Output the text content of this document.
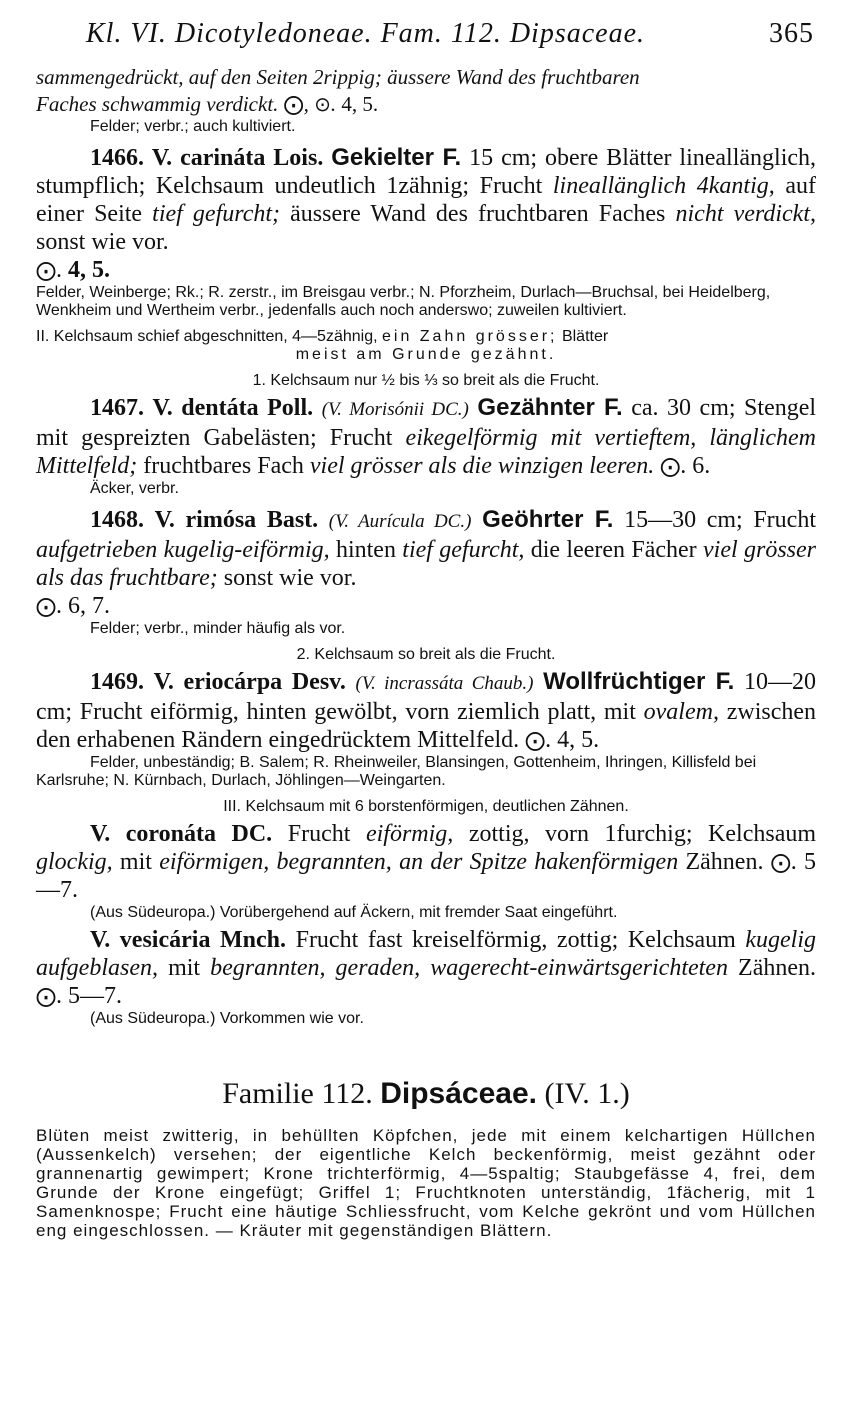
Kl. VI. Dicotyledoneae. Fam. 112. Dipsaceae.	365

sammengedrückt, auf den Seiten 2rippig; äussere Wand des fruchtbaren
Faches schwammig verdickt. ⨀, ⊙. 4, 5.

Felder; verbr.; auch kultiviert.

1466. V. carináta Lois. Gekielter F. 15 cm; obere Blätter lineallänglich, stumpflich; Kelchsaum undeutlich 1zähnig; Frucht lineallänglich 4kantig, auf einer Seite tief gefurcht; äussere Wand des fruchtbaren Faches nicht verdickt, sonst wie vor.
⨀. 4, 5.

Felder, Weinberge; Rk.; R. zerstr., im Breisgau verbr.; N. Pforzheim, Durlach—Bruchsal, bei Heidelberg, Wenkheim und Wertheim verbr., jedenfalls auch noch anderswo; zuweilen kultiviert.

II. Kelchsaum schief abgeschnitten, 4—5zähnig, ein Zahn grösser; Blätter

meist am Grunde gezähnt.

1. Kelchsaum nur ½ bis ⅓ so breit als die Frucht.

1467. V. dentáta Poll. (V. Morisónii DC.) Gezähnter F. ca. 30 cm; Stengel mit gespreizten Gabelästen; Frucht eikegelförmig mit vertieftem, länglichem Mittelfeld; fruchtbares Fach viel grösser als die winzigen leeren. ⨀. 6.

Äcker, verbr.

1468. V. rimósa Bast. (V. Aurícula DC.) Geöhrter F. 15—30 cm; Frucht aufgetrieben kugelig-eiförmig, hinten tief gefurcht, die leeren Fächer viel grösser als das fruchtbare; sonst wie vor.
⨀. 6, 7.

Felder; verbr., minder häufig als vor.

2. Kelchsaum so breit als die Frucht.

1469. V. eriocárpa Desv. (V. incrassáta Chaub.) Wollfrüchtiger F. 10—20 cm; Frucht eiförmig, hinten gewölbt, vorn ziemlich platt, mit ovalem, zwischen den erhabenen Rändern eingedrücktem Mittelfeld. ⨀. 4, 5.

Felder, unbeständig; B. Salem; R. Rheinweiler, Blansingen, Gottenheim, Ihringen, Killisfeld bei Karlsruhe; N. Kürnbach, Durlach, Jöhlingen—Weingarten.

III. Kelchsaum mit 6 borstenförmigen, deutlichen Zähnen.

V. coronáta DC. Frucht eiförmig, zottig, vorn 1furchig; Kelchsaum glockig, mit eiförmigen, begrannten, an der Spitze hakenförmigen Zähnen. ⨀. 5—7.

(Aus Südeuropa.) Vorübergehend auf Äckern, mit fremder Saat eingeführt.

V. vesicária Mnch. Frucht fast kreiselförmig, zottig; Kelchsaum kugelig aufgeblasen, mit begrannten, geraden, wagerecht-einwärtsgerichteten Zähnen. ⨀. 5—7.

(Aus Südeuropa.) Vorkommen wie vor.

Familie 112. Dipsáceae. (IV. 1.)

Blüten meist zwitterig, in behüllten Köpfchen, jede mit einem kelchartigen Hüllchen (Aussenkelch) versehen; der eigentliche Kelch beckenförmig, meist gezähnt oder grannenartig gewimpert; Krone trichterförmig, 4—5spaltig; Staubgefässe 4, frei, dem Grunde der Krone eingefügt; Griffel 1; Fruchtknoten unterständig, 1fächerig, mit 1 Samenknospe; Frucht eine häutige Schliessfrucht, vom Kelche gekrönt und vom Hüllchen eng eingeschlossen. — Kräuter mit gegenständigen Blättern.
